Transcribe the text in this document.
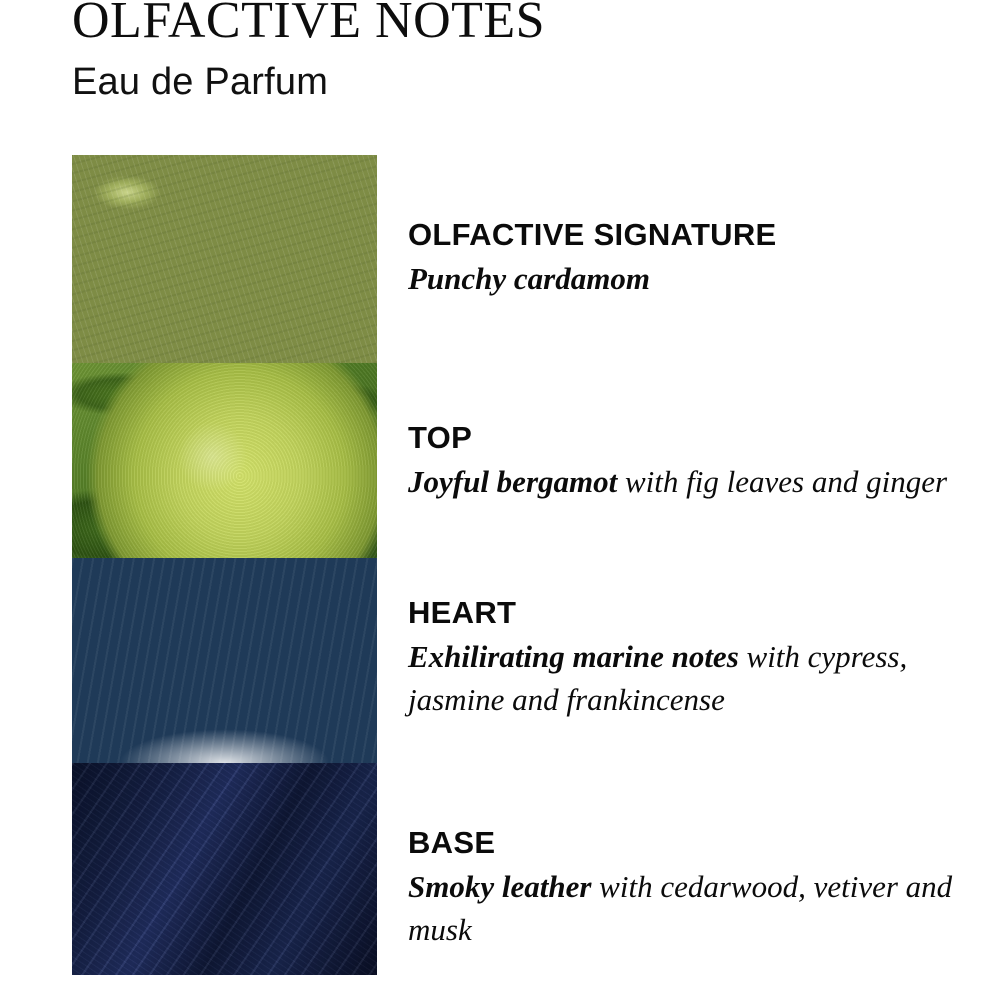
OLFACTIVE NOTES
Eau de Parfum
OLFACTIVE SIGNATURE

Punchy cardamom

TOP

Joyful bergamot with fig leaves and ginger

HEART

Exhilirating marine notes with cypress, jasmine and frankincense

BASE

Smoky leather with cedarwood, vetiver and musk
